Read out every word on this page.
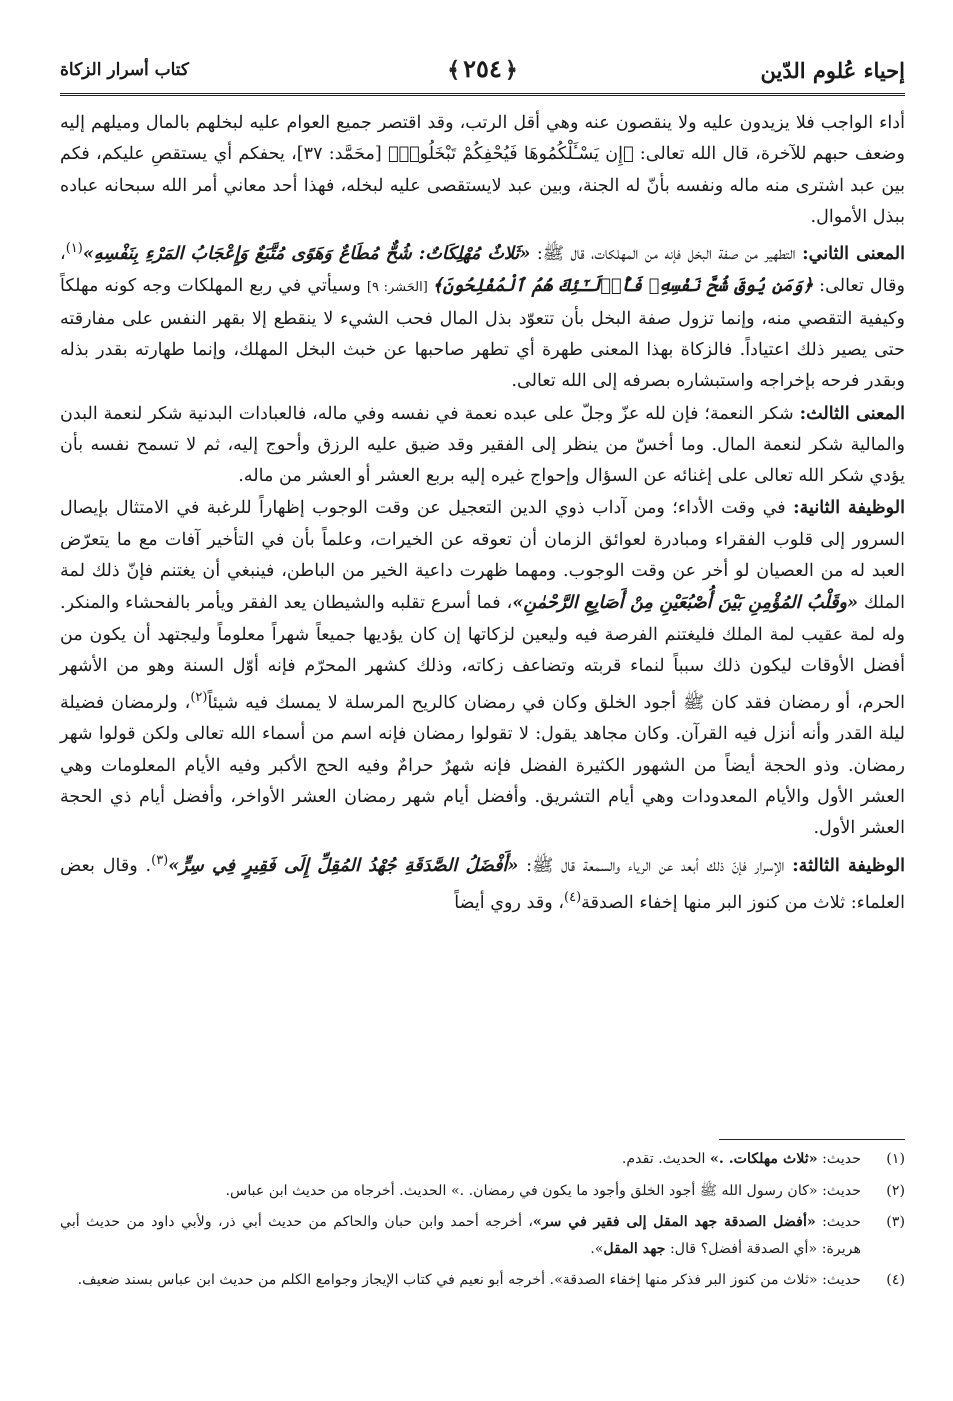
إحياء عُلوم الدّين
﴾ ٢٥٤ ﴿
كتاب أسرار الزكاة

أداء الواجب فلا يزيدون عليه ولا ينقصون عنه وهي أقل الرتب، وقد اقتصر جميع العوام عليه لبخلهم بالمال وميلهم إليه وضعف حبهم للآخرة، قال الله تعالى: ﴿إِن يَسْـَٔلْكُمُوهَا فَيُحْفِكُمْ تَبْخَلُوا۟﴾ [محَمَّد: ٣٧]، يحفكم أي يستقصِ عليكم، فكم بين عبد اشترى منه ماله ونفسه بأنّ له الجنة، وبين عبد لايستقصى عليه لبخله، فهذا أحد معاني أمر الله سبحانه عباده ببذل الأموال.

المعنى الثاني: التطهير من صفة البخل فإنه من المهلكات، قال ﷺ: «ثَلاثٌ مُهْلِكَاتٌ: شُحٌّ مُطَاعٌ وَهَوًى مُتَّبَعٌ وَإِعْجَابُ المَرْءِ بِنَفْسِهِ»$^{(١)}$، وقال تعالى: ﴿وَمَن يُوقَ شُحَّ نَفْسِهِۦ فَأُو۟لَـٰٓئِكَ هُمُ ٱلْمُفْلِحُونَ﴾ [الحَشر: ٩] وسيأتي في ربع المهلكات وجه كونه مهلكاً وكيفية التقصي منه، وإنما تزول صفة البخل بأن تتعوّد بذل المال فحب الشيء لا ينقطع إلا بقهر النفس على مفارقته حتى يصير ذلك اعتياداً. فالزكاة بهذا المعنى طهرة أي تطهر صاحبها عن خبث البخل المهلك، وإنما طهارته بقدر بذله وبقدر فرحه بإخراجه واستبشاره بصرفه إلى الله تعالى.

المعنى الثالث: شكر النعمة؛ فإن لله عزّ وجلّ على عبده نعمة في نفسه وفي ماله، فالعبادات البدنية شكر لنعمة البدن والمالية شكر لنعمة المال. وما أخسّ من ينظر إلى الفقير وقد ضيق عليه الرزق وأحوج إليه، ثم لا تسمح نفسه بأن يؤدي شكر الله تعالى على إغنائه عن السؤال وإحواج غيره إليه بربع العشر أو العشر من ماله.

الوظيفة الثانية: في وقت الأداء؛ ومن آداب ذوي الدين التعجيل عن وقت الوجوب إظهاراً للرغبة في الامتثال بإيصال السرور إلى قلوب الفقراء ومبادرة لعوائق الزمان أن تعوقه عن الخيرات، وعلماً بأن في التأخير آفات مع ما يتعرّض العبد له من العصيان لو أخر عن وقت الوجوب. ومهما ظهرت داعية الخير من الباطن، فينبغي أن يغتنم فإنّ ذلك لمة الملك «وقَلْبُ المُؤْمِنِ بَيْنَ أُصْبُعَيْنِ مِنْ أَصَابِعِ الرَّحْمٰنِ»، فما أسرع تقلبه والشيطان يعد الفقر ويأمر بالفحشاء والمنكر. وله لمة عقيب لمة الملك فليغتنم الفرصة فيه وليعين لزكاتها إن كان يؤديها جميعاً شهراً معلوماً وليجتهد أن يكون من أفضل الأوقات ليكون ذلك سبباً لنماء قربته وتضاعف زكاته، وذلك كشهر المحرّم فإنه أوّل السنة وهو من الأشهر الحرم، أو رمضان فقد كان ﷺ أجود الخلق وكان في رمضان كالريح المرسلة لا يمسك فيه شيئاً$^{(٢)}$، ولرمضان فضيلة ليلة القدر وأنه أنزل فيه القرآن. وكان مجاهد يقول: لا تقولوا رمضان فإنه اسم من أسماء الله تعالى ولكن قولوا شهر رمضان. وذو الحجة أيضاً من الشهور الكثيرة الفضل فإنه شهرٌ حرامٌ وفيه الحج الأكبر وفيه الأيام المعلومات وهي العشر الأول والأيام المعدودات وهي أيام التشريق. وأفضل أيام شهر رمضان العشر الأواخر، وأفضل أيام ذي الحجة العشر الأول.

الوظيفة الثالثة: الإسرار فإنّ ذلك أبعد عن الرياء والسمعة قال ﷺ: «أَفْضَلُ الصَّدَقَةِ جُهْدُ المُقِلِّ إِلَى فَقِيرٍ فِي سِرٍّ»$^{(٣)}$. وقال بعض العلماء: ثلاث من كنوز البر منها إخفاء الصدقة$^{(٤)}$، وقد روي أيضاً

(١)
حديث: «ثلاث مهلكات. .» الحديث. تقدم.
(٢)
حديث: «كان رسول الله ﷺ أجود الخلق وأجود ما يكون في رمضان. .» الحديث. أخرجاه من حديث ابن عباس.
(٣)
حديث: «أفضل الصدقة جهد المقل إلى فقير في سر»، أخرجه أحمد وابن حبان والحاكم من حديث أبي ذر، ولأبي داود من حديث أبي هريرة: «أي الصدقة أفضل؟ قال: جهد المقل».
(٤)
حديث: «ثلاث من كنوز البر فذكر منها إخفاء الصدقة». أخرجه أبو نعيم في كتاب الإيجاز وجوامع الكلم من حديث ابن عباس بسند ضعيف.
